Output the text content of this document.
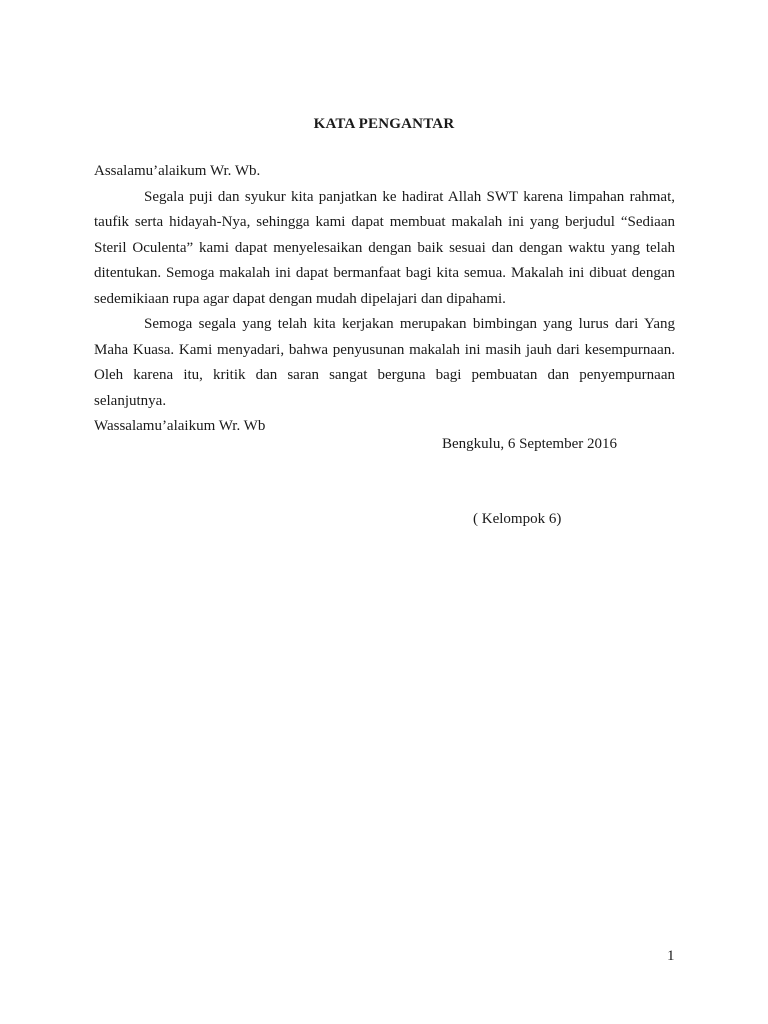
KATA PENGANTAR
Assalamu’alaikum Wr. Wb.

Segala puji dan syukur kita panjatkan ke hadirat Allah SWT karena limpahan rahmat, taufik serta hidayah-Nya, sehingga kami dapat membuat makalah ini yang berjudul “Sediaan Steril Oculenta” kami dapat menyelesaikan dengan baik sesuai dan dengan waktu yang telah ditentukan. Semoga makalah ini dapat bermanfaat bagi kita semua. Makalah ini dibuat dengan sedemikiaan rupa agar dapat dengan mudah dipelajari dan dipahami.

Semoga segala yang telah kita kerjakan merupakan bimbingan yang lurus dari Yang Maha Kuasa. Kami menyadari, bahwa penyusunan makalah ini masih jauh dari kesempurnaan. Oleh karena itu, kritik dan saran sangat berguna bagi pembuatan dan penyempurnaan selanjutnya.

Wassalamu’alaikum Wr. Wb
Bengkulu, 6 September 2016
( Kelompok 6)
1
